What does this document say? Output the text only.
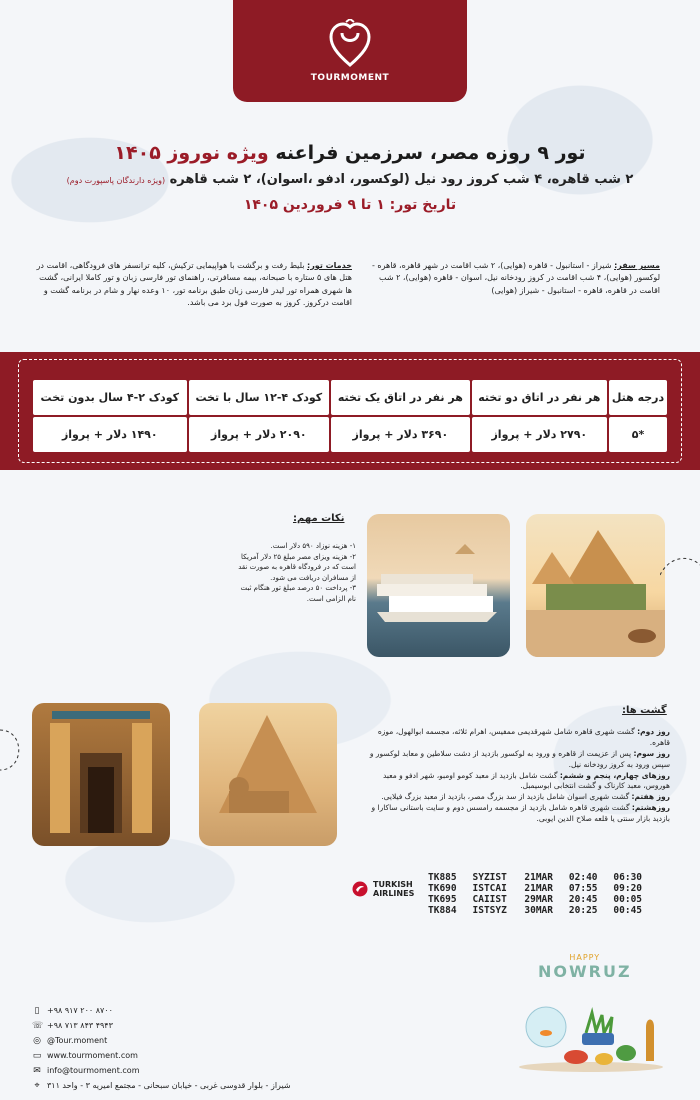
TOURMOMENT
تور ۹ روزه مصر، سرزمین فراعنه ویژه نوروز ۱۴۰۵
۲ شب قاهره، ۴ شب کروز رود نیل (لوکسور، ادفو ،اسوان)، ۲ شب قاهره (ویژه دارندگان پاسپورت دوم)
تاریخ تور: ۱ تا ۹ فروردین ۱۴۰۵
مسیر سفر: شیراز - استانبول - قاهره (هوایی)، ۲ شب اقامت در شهر قاهره، قاهره - لوکسور (هوایی)، ۴ شب اقامت در کروز رودخانه نیل، اسوان - قاهره (هوایی)، ۲ شب اقامت در قاهره، قاهره - استانبول - شیراز (هوایی)
خدمات تور: بلیط رفت و برگشت با هواپیمایی ترکیش، کلیه ترانسفر های فرودگاهی، اقامت در هتل های ۵ ستاره با صبحانه، بیمه مسافرتی، راهنمای تور فارسی زبان و تور کاملا ایرانی، گشت ها شهری همراه تور لیدر فارسی زبان طبق برنامه تور، ۱۰ وعده نهار و شام در برنامه گشت و اقامت درکروز. کروز به صورت فول برد می باشد.
درجه هتل	هر نفر در اتاق دو تخته	هر نفر در اتاق یک تخته	کودک ۴-۱۲ سال با تخت	کودک ۲-۴ سال بدون تخت
*۵	۲۷۹۰ دلار + پرواز	۳۶۹۰ دلار + پرواز	۲۰۹۰ دلار + پرواز	۱۴۹۰ دلار + پرواز
نکات مهم:
۱- هزینه نوزاد ۵۹۰ دلار است.
۲- هزینه ویزای مصر مبلغ ۲۵ دلار آمریکا است که در فرودگاه قاهره به صورت نقد از مسافران دریافت می شود.
۳- پرداخت ۵۰ درصد مبلغ تور هنگام ثبت نام الزامی است.
گشت ها:
روز دوم: گشت شهری قاهره شامل شهرقدیمی ممفیس، اهرام ثلاثه، مجسمه ابوالهول، موزه قاهره.
روز سوم: پس از عزیمت از قاهره و ورود به لوکسور بازدید از دشت سلاطین و معابد لوکسور و سپس ورود به کروز رودخانه نیل.
روزهای چهارم، پنجم و ششم: گشت شامل بازدید از معبد کومو اومبو، شهر ادفو و معبد هوروس، معبد کارناک و گشت انتخابی ابوسیمبل.
روز هفتم: گشت شهری اسوان شامل بازدید از سد بزرگ مصر، بازدید از معبد بزرگ فیلایی.
روزهشتم: گشت شهری قاهره شامل بازدید از مجسمه رامسس دوم و سایت باستانی ساکارا و بازدید بازار سنتی یا قلعه صلاح الدین ایوبی.
TURKISH
AIRLINES
TK885	SYZIST	21MAR	02:40	06:30
TK690	ISTCAI	21MAR	07:55	09:20
TK695	CAIIST	29MAR	20:45	00:05
TK884	ISTSYZ	30MAR	20:25	00:45
HAPPY
NOWRUZ
▯ +۹۸ ۹۱۷ ۲۰۰ ۸۷۰۰
☏ +۹۸ ۷۱۳ ۸۴۳ ۴۹۴۳
◎ @Tour.moment
▭ www.tourmoment.com
✉ info@tourmoment.com
⌖ شیراز - بلوار قدوسی غربی - خیابان سبحانی - مجتمع امیریه ۳ - واحد ۳۱۱
